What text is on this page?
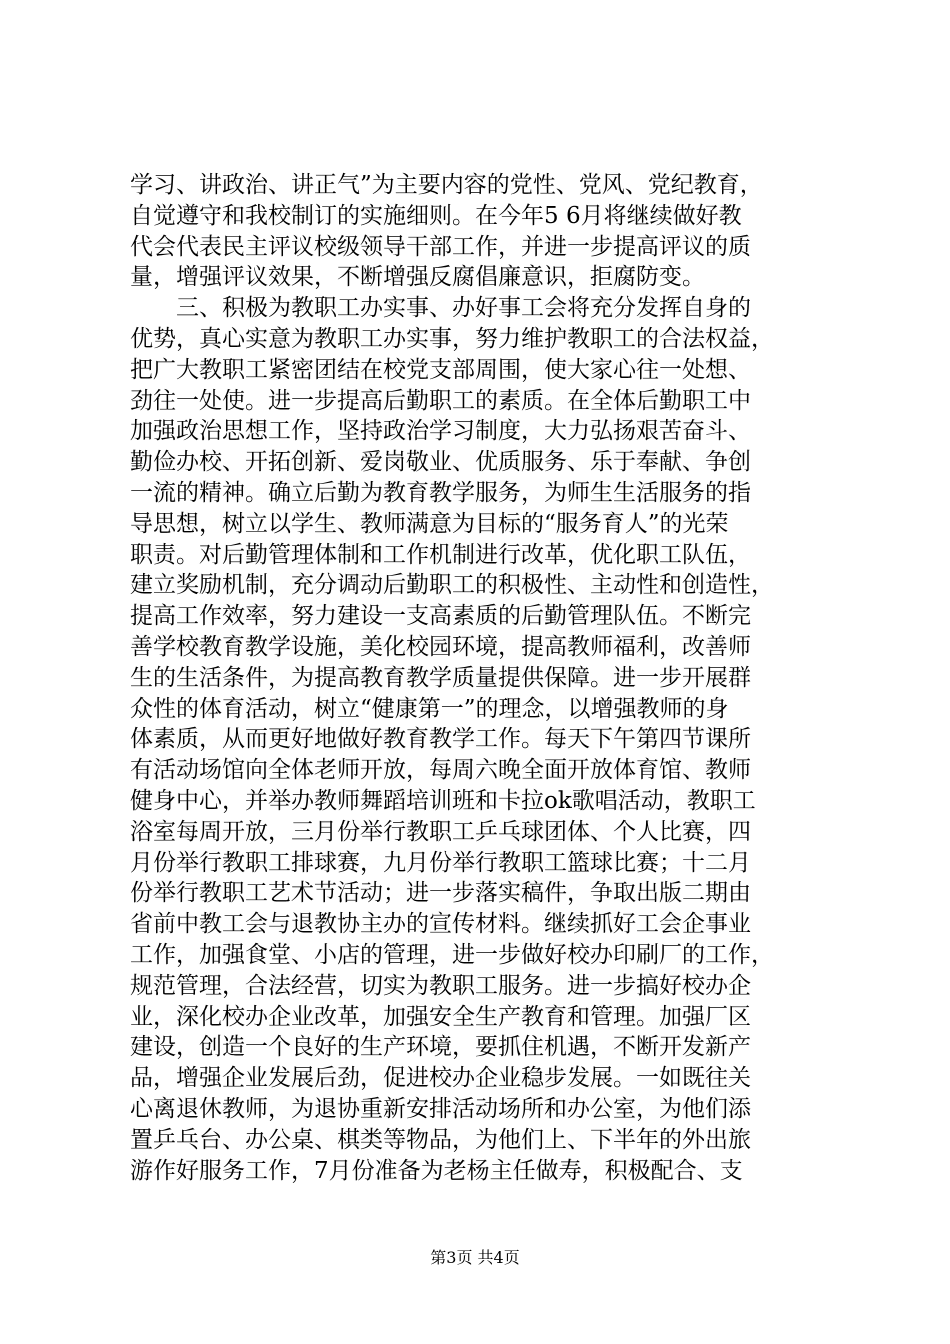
学习、讲政治、讲正气”为主要内容的党性、党风、党纪教育，
自觉遵守和我校制订的实施细则。在今年5 6月将继续做好教
代会代表民主评议校级领导干部工作，并进一步提高评议的质
量，增强评议效果，不断增强反腐倡廉意识，拒腐防变。
三、积极为教职工办实事、办好事工会将充分发挥自身的
优势，真心实意为教职工办实事，努力维护教职工的合法权益，
把广大教职工紧密团结在校党支部周围，使大家心往一处想、
劲往一处使。进一步提高后勤职工的素质。在全体后勤职工中
加强政治思想工作，坚持政治学习制度，大力弘扬艰苦奋斗、
勤俭办校、开拓创新、爱岗敬业、优质服务、乐于奉献、争创
一流的精神。确立后勤为教育教学服务，为师生生活服务的指
导思想，树立以学生、教师满意为目标的“服务育人”的光荣
职责。对后勤管理体制和工作机制进行改革，优化职工队伍，
建立奖励机制，充分调动后勤职工的积极性、主动性和创造性，
提高工作效率，努力建设一支高素质的后勤管理队伍。不断完
善学校教育教学设施，美化校园环境，提高教师福利，改善师
生的生活条件，为提高教育教学质量提供保障。进一步开展群
众性的体育活动，树立“健康第一”的理念，以增强教师的身
体素质，从而更好地做好教育教学工作。每天下午第四节课所
有活动场馆向全体老师开放，每周六晚全面开放体育馆、教师
健身中心，并举办教师舞蹈培训班和卡拉ok歌唱活动，教职工
浴室每周开放，三月份举行教职工乒乓球团体、个人比赛，四
月份举行教职工排球赛，九月份举行教职工篮球比赛；十二月
份举行教职工艺术节活动；进一步落实稿件，争取出版二期由
省前中教工会与退教协主办的宣传材料。继续抓好工会企事业
工作，加强食堂、小店的管理，进一步做好校办印刷厂的工作，
规范管理，合法经营，切实为教职工服务。进一步搞好校办企
业，深化校办企业改革，加强安全生产教育和管理。加强厂区
建设，创造一个良好的生产环境，要抓住机遇，不断开发新产
品，增强企业发展后劲，促进校办企业稳步发展。一如既往关
心离退休教师，为退协重新安排活动场所和办公室，为他们添
置乒乓台、办公桌、棋类等物品，为他们上、下半年的外出旅
游作好服务工作，7月份准备为老杨主任做寿，积极配合、支
第3页 共4页
